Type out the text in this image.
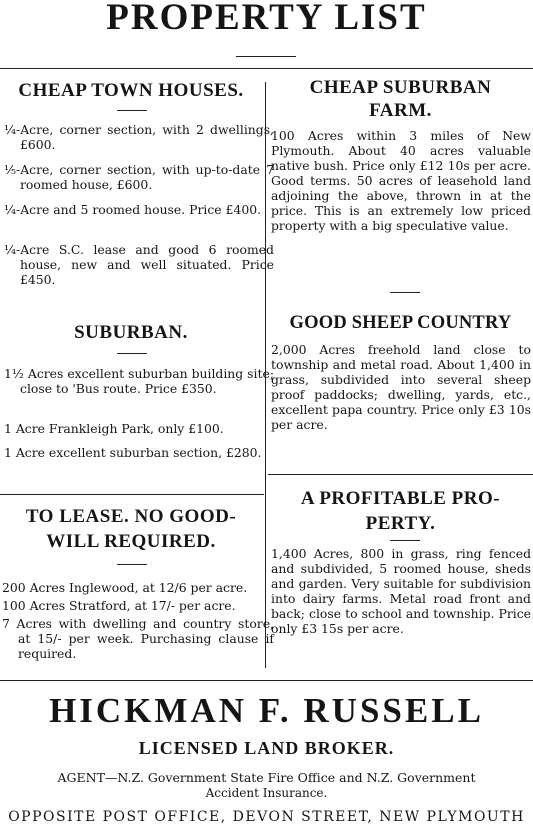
PROPERTY LIST
CHEAP TOWN HOUSES.
¼-Acre, corner section, with 2 dwellings, £600.
⅕-Acre, corner section, with up-to-date 7 roomed house, £600.
¼-Acre and 5 roomed house. Price £400.
¼-Acre S.C. lease and good 6 roomed house, new and well situated. Price £450.
SUBURBAN.
1½ Acres excellent suburban building site; close to 'Bus route. Price £350.
1 Acre Frankleigh Park, only £100.
1 Acre excellent suburban section, £280.
TO LEASE. NO GOOD-
WILL REQUIRED.
200 Acres Inglewood, at 12/6 per acre.
100 Acres Stratford, at 17/- per acre.
7 Acres with dwelling and country store, at 15/- per week. Purchasing clause if required.
CHEAP SUBURBAN
FARM.
100 Acres within 3 miles of New Plymouth. About 40 acres valuable native bush. Price only £12 10s per acre. Good terms. 50 acres of leasehold land adjoining the above, thrown in at the price. This is an extremely low priced property with a big speculative value.
GOOD SHEEP COUNTRY
2,000 Acres freehold land close to township and metal road. About 1,400 in grass, subdivided into several sheep proof paddocks; dwelling, yards, etc., excellent papa country. Price only £3 10s per acre.
A PROFITABLE PRO-
PERTY.
1,400 Acres, 800 in grass, ring fenced and subdivided, 5 roomed house, sheds and garden. Very suitable for subdivision into dairy farms. Metal road front and back; close to school and township. Price only £3 15s per acre.
HICKMAN F. RUSSELL
LICENSED LAND BROKER.
AGENT—N.Z. Government State Fire Office and N.Z. Government
Accident Insurance.
OPPOSITE POST OFFICE, DEVON STREET, NEW PLYMOUTH
